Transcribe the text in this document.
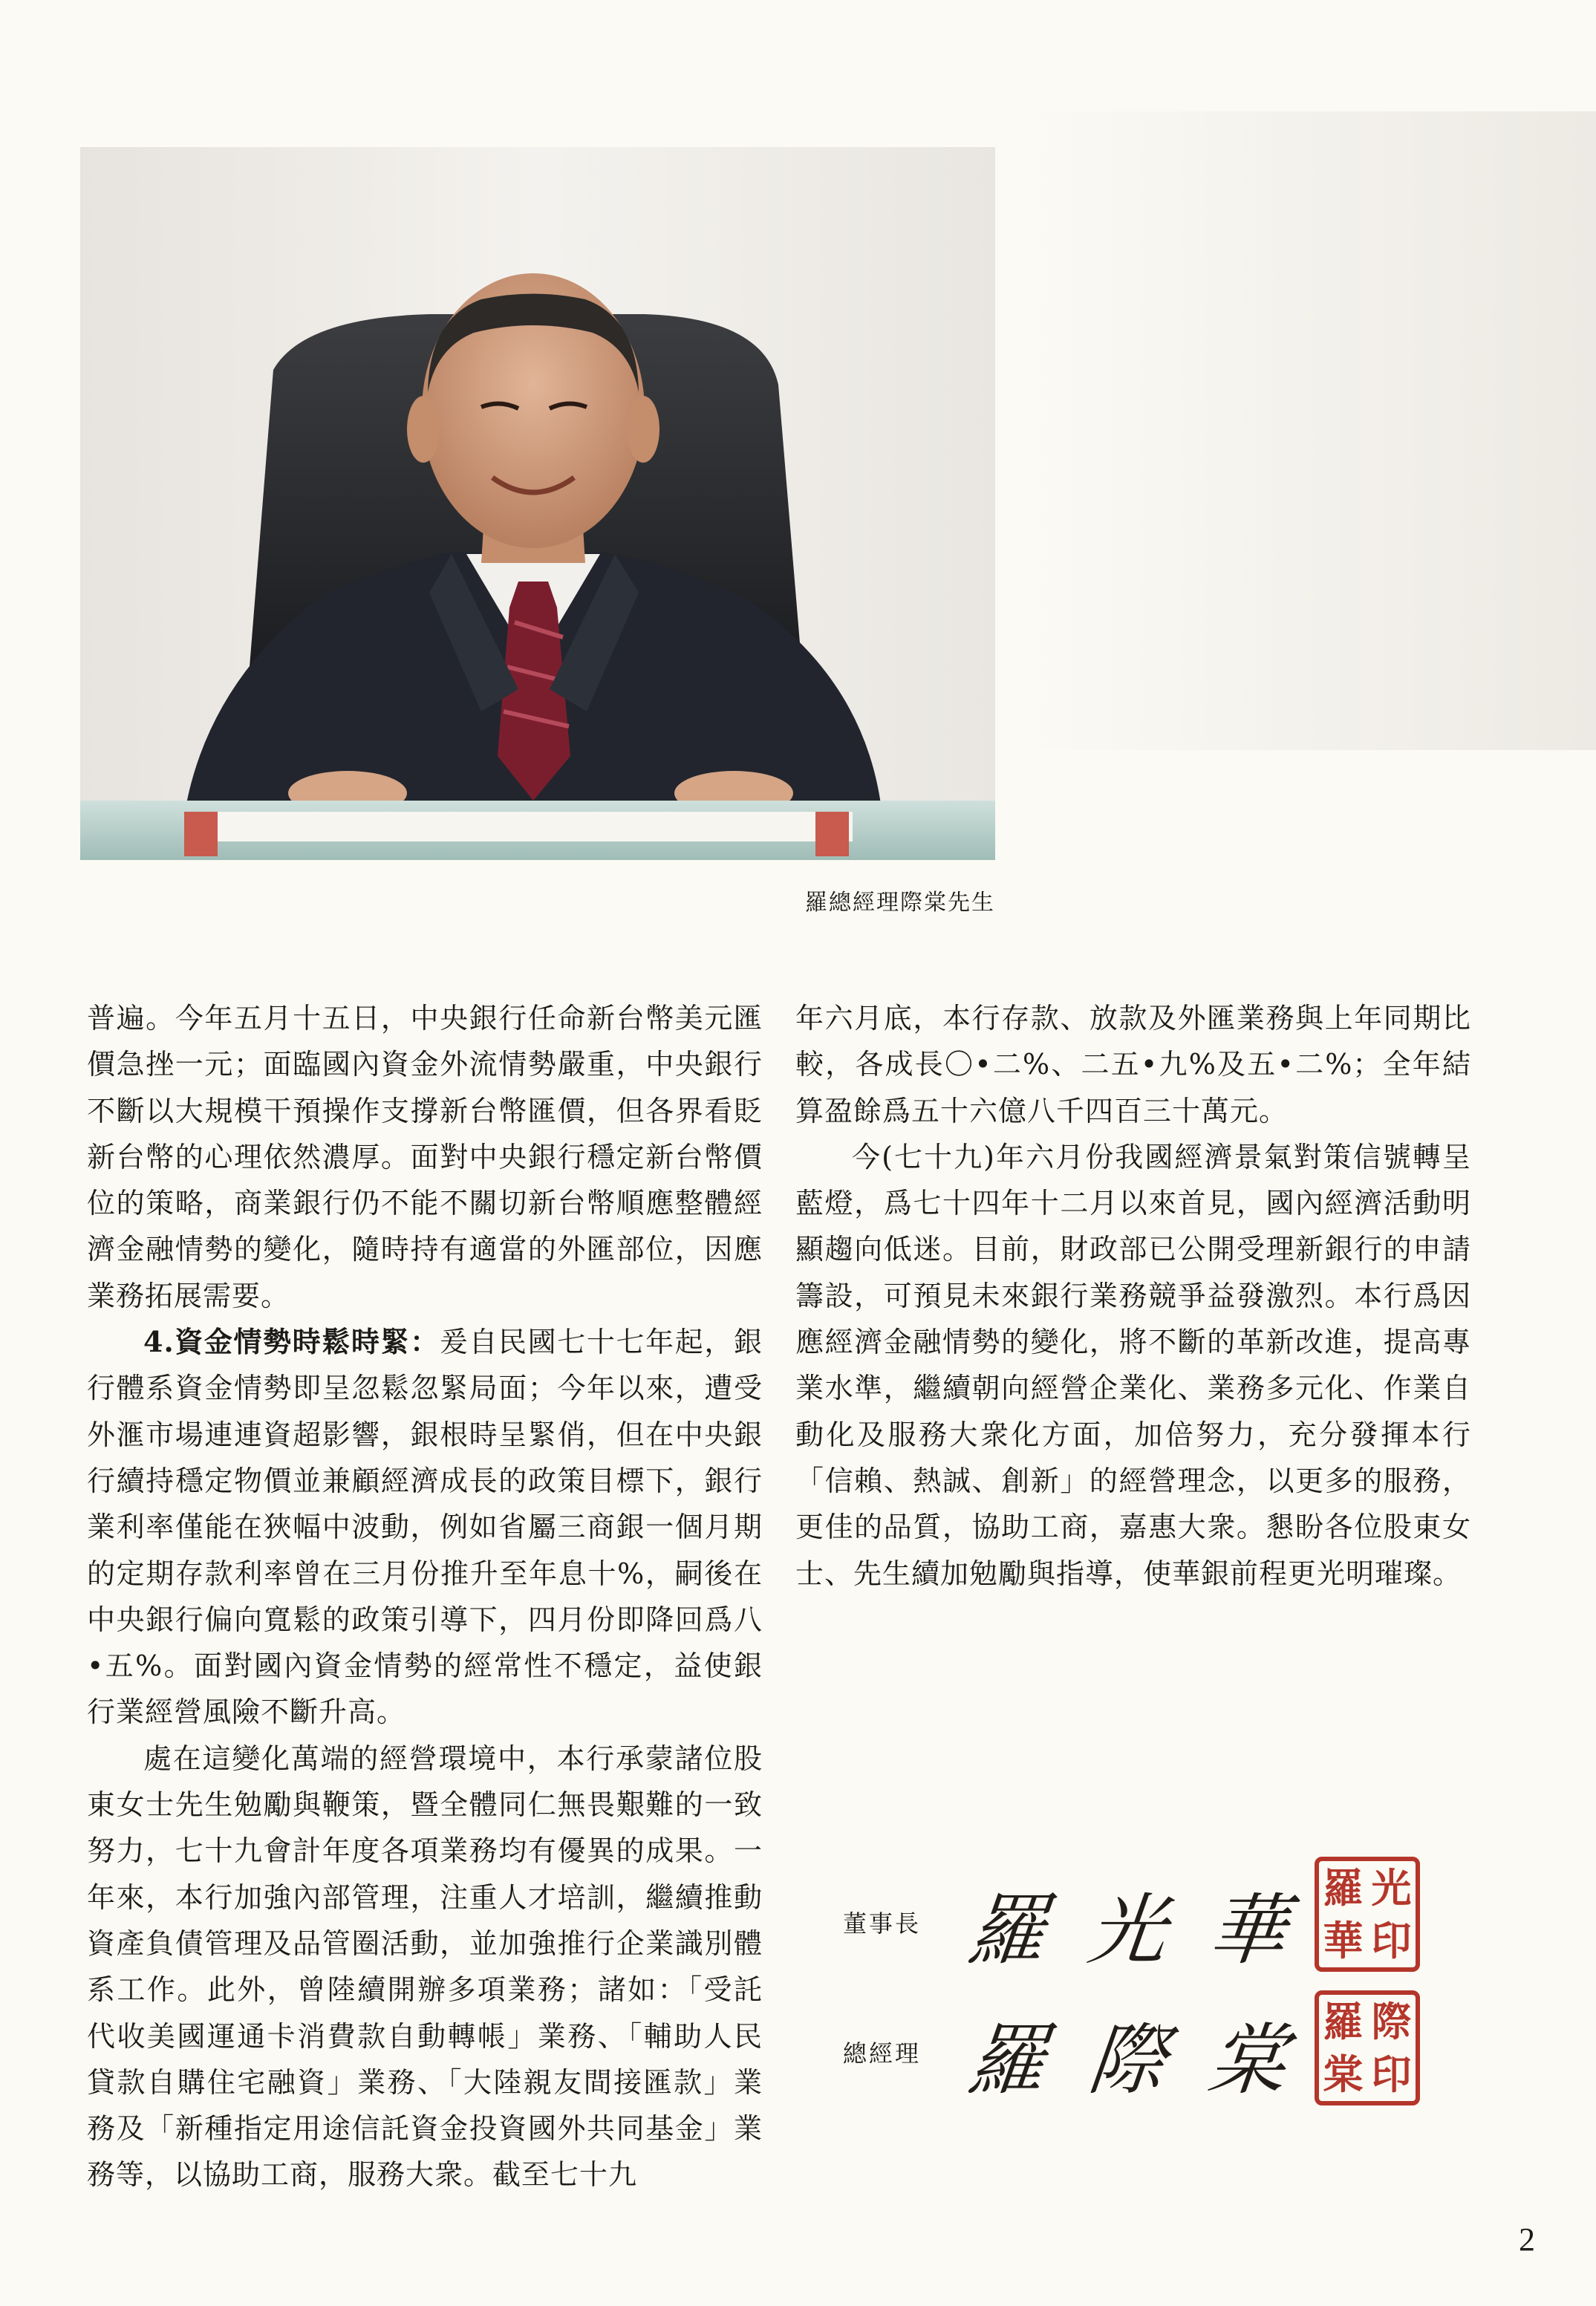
羅總經理際棠先生

普遍。今年五月十五日，中央銀行任命新台幣美元匯價急挫一元；面臨國內資金外流情勢嚴重，中央銀行不斷以大規模干預操作支撐新台幣匯價，但各界看貶新台幣的心理依然濃厚。面對中央銀行穩定新台幣價位的策略，商業銀行仍不能不關切新台幣順應整體經濟金融情勢的變化，隨時持有適當的外匯部位，因應業務拓展需要。

4.資金情勢時鬆時緊：爰自民國七十七年起，銀行體系資金情勢即呈忽鬆忽緊局面；今年以來，遭受外滙市場連連資超影響，銀根時呈緊俏，但在中央銀行續持穩定物價並兼顧經濟成長的政策目標下，銀行業利率僅能在狹幅中波動，例如省屬三商銀一個月期的定期存款利率曾在三月份推升至年息十%，嗣後在中央銀行偏向寬鬆的政策引導下，四月份即降回爲八•五%。面對國內資金情勢的經常性不穩定，益使銀行業經營風險不斷升高。

處在這變化萬端的經營環境中，本行承蒙諸位股東女士先生勉勵與鞭策，暨全體同仁無畏艱難的一致努力，七十九會計年度各項業務均有優異的成果。一年來，本行加強內部管理，注重人才培訓，繼續推動資產負債管理及品管圈活動，並加強推行企業識別體系工作。此外，曾陸續開辦多項業務；諸如：「受託代收美國運通卡消費款自動轉帳」業務、「輔助人民貸款自購住宅融資」業務、「大陸親友間接匯款」業務及「新種指定用途信託資金投資國外共同基金」業務等，以協助工商，服務大衆。截至七十九

年六月底，本行存款、放款及外匯業務與上年同期比較，各成長〇•二%、二五•九%及五•二%；全年結算盈餘爲五十六億八千四百三十萬元。

今(七十九)年六月份我國經濟景氣對策信號轉呈藍燈，爲七十四年十二月以來首見，國內經濟活動明顯趨向低迷。目前，財政部已公開受理新銀行的申請籌設，可預見未來銀行業務競爭益發激烈。本行爲因應經濟金融情勢的變化，將不斷的革新改進，提高專業水準，繼續朝向經營企業化、業務多元化、作業自動化及服務大衆化方面，加倍努力，充分發揮本行「信賴、熱誠、創新」的經營理念，以更多的服務，更佳的品質，協助工商，嘉惠大衆。懇盼各位股東女士、先生續加勉勵與指導，使華銀前程更光明璀璨。

董事長 羅光華
羅 光
華 印
總經理 羅際棠
羅 際
棠 印
2
